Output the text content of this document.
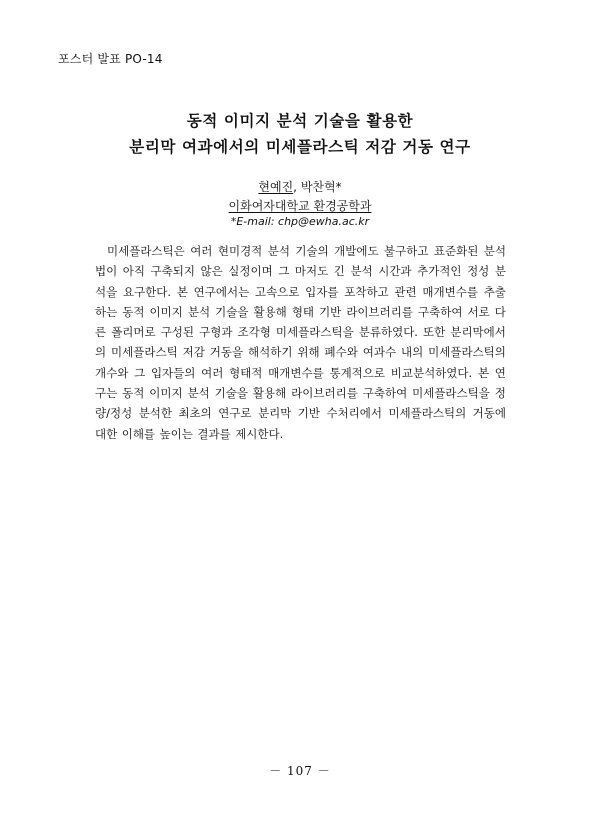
포스터 발표 PO-14
동적 이미지 분석 기술을 활용한
분리막 여과에서의 미세플라스틱 저감 거동 연구
현예진, 박찬혁*
이화여자대학교 환경공학과
*E-mail: chp@ewha.ac.kr
미세플라스틱은 여러 현미경적 분석 기술의 개발에도 불구하고 표준화된 분석
법이 아직 구축되지 않은 실정이며 그 마저도 긴 분석 시간과 추가적인 정성 분
석을 요구한다. 본 연구에서는 고속으로 입자를 포착하고 관련 매개변수를 추출
하는 동적 이미지 분석 기술을 활용해 형태 기반 라이브러리를 구축하여 서로 다
른 폴리머로 구성된 구형과 조각형 미세플라스틱을 분류하였다. 또한 분리막에서
의 미세플라스틱 저감 거동을 해석하기 위해 폐수와 여과수 내의 미세플라스틱의
개수와 그 입자들의 여러 형태적 매개변수를 통계적으로 비교분석하였다. 본 연
구는 동적 이미지 분석 기술을 활용해 라이브러리를 구축하여 미세플라스틱을 정
량/정성 분석한 최초의 연구로 분리막 기반 수처리에서 미세플라스틱의 거동에
대한 이해를 높이는 결과를 제시한다.
－ 107 －
